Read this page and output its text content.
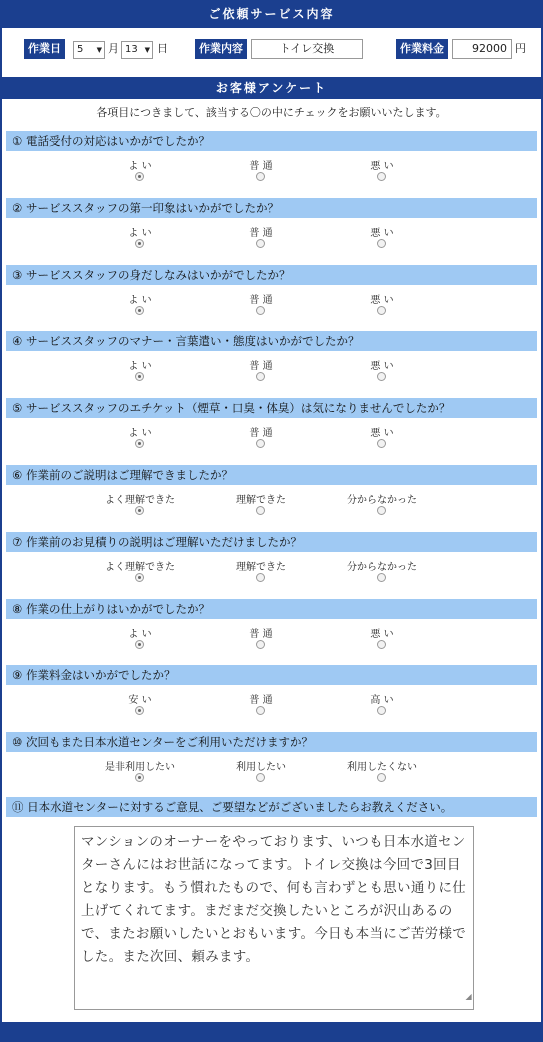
ご依頼サービス内容
作業日	5 ▼ 月 13 ▼ 日	作業内容	トイレ交換	作業料金	92000 円
お客様アンケート
各項目につきまして、該当する〇の中にチェックをお願いいたします。
① 電話受付の対応はいかがでしたか？
よ い	普 通	悪 い
② サービススタッフの第一印象はいかがでしたか？
よ い	普 通	悪 い
③ サービススタッフの身だしなみはいかがでしたか？
よ い	普 通	悪 い
④ サービススタッフのマナー・言葉遣い・態度はいかがでしたか？
よ い	普 通	悪 い
⑤ サービススタッフのエチケット（煙草・口臭・体臭）は気になりませんでしたか？
よ い	普 通	悪 い
⑥ 作業前のご説明はご理解できましたか？
よく理解できた	理解できた	分からなかった
⑦ 作業前のお見積りの説明はご理解いただけましたか？
よく理解できた	理解できた	分からなかった
⑧ 作業の仕上がりはいかがでしたか？
よ い	普 通	悪 い
⑨ 作業料金はいかがでしたか？
安 い	普 通	高 い
⑩ 次回もまた日本水道センターをご利用いただけますか？
是非利用したい	利用したい	利用したくない
⑪ 日本水道センターに対するご意見、ご要望などがございましたらお教えください。
マンションのオーナーをやっております、いつも日本水道センターさんにはお世話になってます。トイレ交換は今回で3回目となります。もう慣れたもので、何も言わずとも思い通りに仕上げてくれてます。まだまだ交換したいところが沢山あるので、またお願いしたいとおもいます。今日も本当にご苦労様でした。また次回、頼みます。
◢
